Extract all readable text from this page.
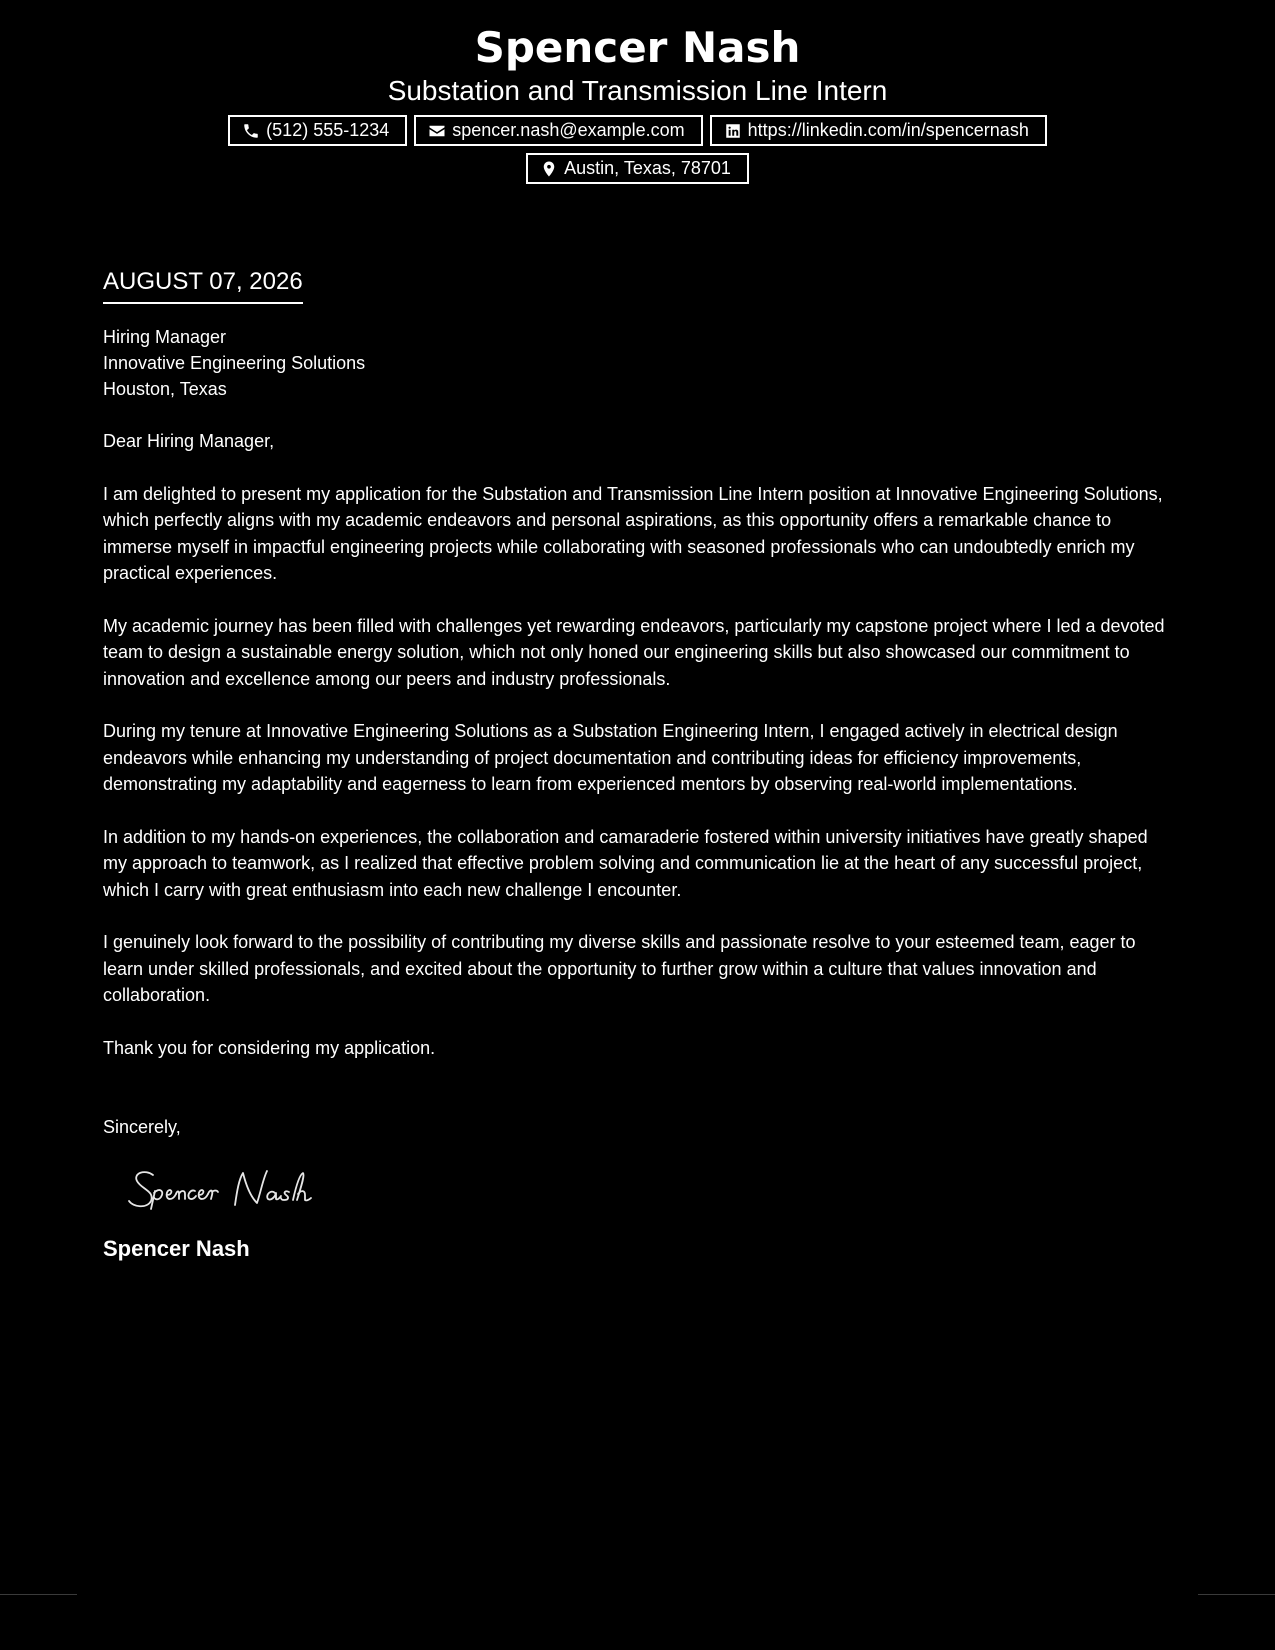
Spencer Nash
Substation and Transmission Line Intern
(512) 555-1234	spencer.nash@example.com	https://linkedin.com/in/spencernash
Austin, Texas, 78701
AUGUST 07, 2026
Hiring Manager
Innovative Engineering Solutions
Houston, Texas
Dear Hiring Manager,
I am delighted to present my application for the Substation and Transmission Line Intern position at Innovative Engineering Solutions, which perfectly aligns with my academic endeavors and personal aspirations, as this opportunity offers a remarkable chance to immerse myself in impactful engineering projects while collaborating with seasoned professionals who can undoubtedly enrich my practical experiences.
My academic journey has been filled with challenges yet rewarding endeavors, particularly my capstone project where I led a devoted team to design a sustainable energy solution, which not only honed our engineering skills but also showcased our commitment to innovation and excellence among our peers and industry professionals.
During my tenure at Innovative Engineering Solutions as a Substation Engineering Intern, I engaged actively in electrical design endeavors while enhancing my understanding of project documentation and contributing ideas for efficiency improvements, demonstrating my adaptability and eagerness to learn from experienced mentors by observing real-world implementations.
In addition to my hands-on experiences, the collaboration and camaraderie fostered within university initiatives have greatly shaped my approach to teamwork, as I realized that effective problem solving and communication lie at the heart of any successful project, which I carry with great enthusiasm into each new challenge I encounter.
I genuinely look forward to the possibility of contributing my diverse skills and passionate resolve to your esteemed team, eager to learn under skilled professionals, and excited about the opportunity to further grow within a culture that values innovation and collaboration.
Thank you for considering my application.
Sincerely,
Spencer Nash
